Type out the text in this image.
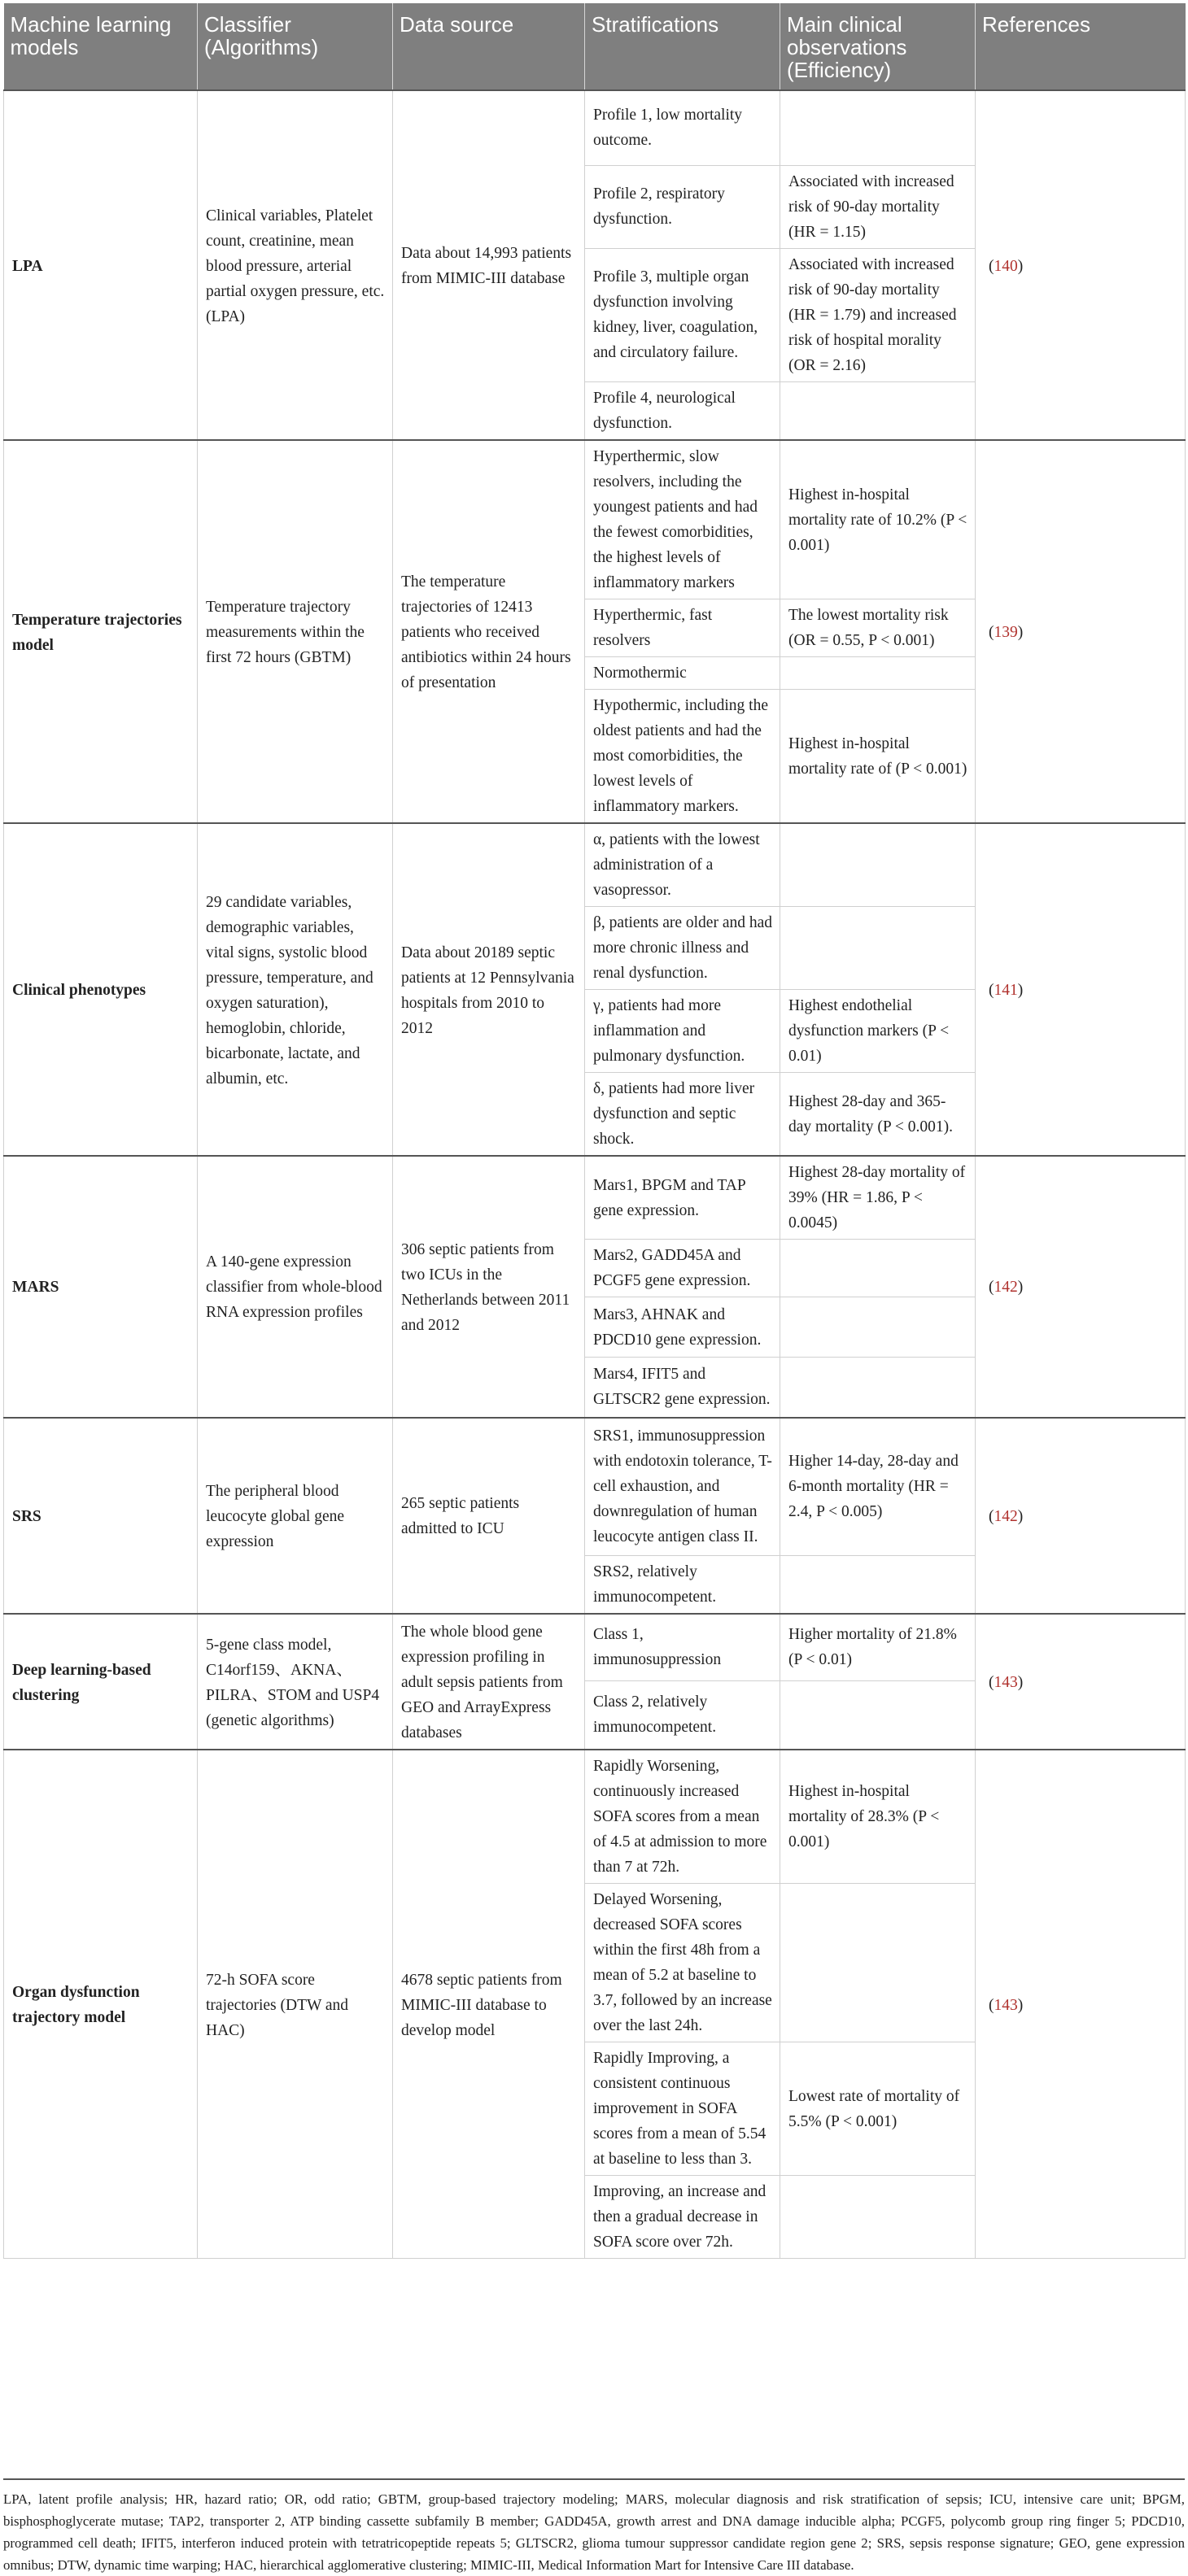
Machine learning models	Classifier (Algorithms)	Data source	Stratifications	Main clinical observations (Efficiency)	References
LPA	Clinical variables, Platelet count, creatinine, mean blood pressure, arterial partial oxygen pressure, etc. (LPA)	Data about 14,993 patients from MIMIC-III database	Profile 1, low mortality outcome.		(140)
			Profile 2, respiratory dysfunction.	Associated with increased risk of 90-day mortality (HR = 1.15)	
			Profile 3, multiple organ dysfunction involving kidney, liver, coagulation, and circulatory failure.	Associated with increased risk of 90-day mortality (HR = 1.79) and increased risk of hospital morality (OR = 2.16)	
			Profile 4, neurological dysfunction.		
Temperature trajectories model	Temperature trajectory measurements within the first 72 hours (GBTM)	The temperature trajectories of 12413 patients who received antibiotics within 24 hours of presentation	Hyperthermic, slow resolvers, including the youngest patients and had the fewest comorbidities, the highest levels of inflammatory markers	Highest in-hospital mortality rate of 10.2% (P < 0.001)	(139)
			Hyperthermic, fast resolvers	The lowest mortality risk (OR = 0.55, P < 0.001)	
			Normothermic		
			Hypothermic, including the oldest patients and had the most comorbidities, the lowest levels of inflammatory markers.	Highest in-hospital mortality rate of (P < 0.001)	
Clinical phenotypes	29 candidate variables, demographic variables, vital signs, systolic blood pressure, temperature, and oxygen saturation), hemoglobin, chloride, bicarbonate, lactate, and albumin, etc.	Data about 20189 septic patients at 12 Pennsylvania hospitals from 2010 to 2012	α, patients with the lowest administration of a vasopressor.		(141)
			β, patients are older and had more chronic illness and renal dysfunction.		
			γ, patients had more inflammation and pulmonary dysfunction.	Highest endothelial dysfunction markers (P < 0.01)	
			δ, patients had more liver dysfunction and septic shock.	Highest 28-day and 365-day mortality (P < 0.001).	
MARS	A 140-gene expression classifier from whole-blood RNA expression profiles	306 septic patients from two ICUs in the Netherlands between 2011 and 2012	Mars1, BPGM and TAP gene expression.	Highest 28-day mortality of 39% (HR = 1.86, P < 0.0045)	(142)
			Mars2, GADD45A and PCGF5 gene expression.		
			Mars3, AHNAK and PDCD10 gene expression.		
			Mars4, IFIT5 and GLTSCR2 gene expression.		
SRS	The peripheral blood leucocyte global gene expression	265 septic patients admitted to ICU	SRS1, immunosuppression with endotoxin tolerance, T-cell exhaustion, and downregulation of human leucocyte antigen class II.	Higher 14-day, 28-day and 6-month mortality (HR = 2.4, P < 0.005)	(142)
			SRS2, relatively immunocompetent.		
Deep learning-based clustering	5-gene class model, C14orf159、AKNA、PILRA、STOM and USP4 (genetic algorithms)	The whole blood gene expression profiling in adult sepsis patients from GEO and ArrayExpress databases	Class 1, immunosuppression	Higher mortality of 21.8% (P < 0.01)	(143)
			Class 2, relatively immunocompetent.		
Organ dysfunction trajectory model	72-h SOFA score trajectories (DTW and HAC)	4678 septic patients from MIMIC-III database to develop model	Rapidly Worsening, continuously increased SOFA scores from a mean of 4.5 at admission to more than 7 at 72h.	Highest in-hospital mortality of 28.3% (P < 0.001)	(143)
			Delayed Worsening, decreased SOFA scores within the first 48h from a mean of 5.2 at baseline to 3.7, followed by an increase over the last 24h.		
			Rapidly Improving, a consistent continuous improvement in SOFA scores from a mean of 5.54 at baseline to less than 3.	Lowest rate of mortality of 5.5% (P < 0.001)	
			Improving, an increase and then a gradual decrease in SOFA score over 72h.		
LPA, latent profile analysis; HR, hazard ratio; OR, odd ratio; GBTM, group-based trajectory modeling; MARS, molecular diagnosis and risk stratification of sepsis; ICU, intensive care unit; BPGM, bisphosphoglycerate mutase; TAP2, transporter 2, ATP binding cassette subfamily B member; GADD45A, growth arrest and DNA damage inducible alpha; PCGF5, polycomb group ring finger 5; PDCD10, programmed cell death; IFIT5, interferon induced protein with tetratricopeptide repeats 5; GLTSCR2, glioma tumour suppressor candidate region gene 2; SRS, sepsis response signature; GEO, gene expression omnibus; DTW, dynamic time warping; HAC, hierarchical agglomerative clustering; MIMIC-III, Medical Information Mart for Intensive Care III database.
